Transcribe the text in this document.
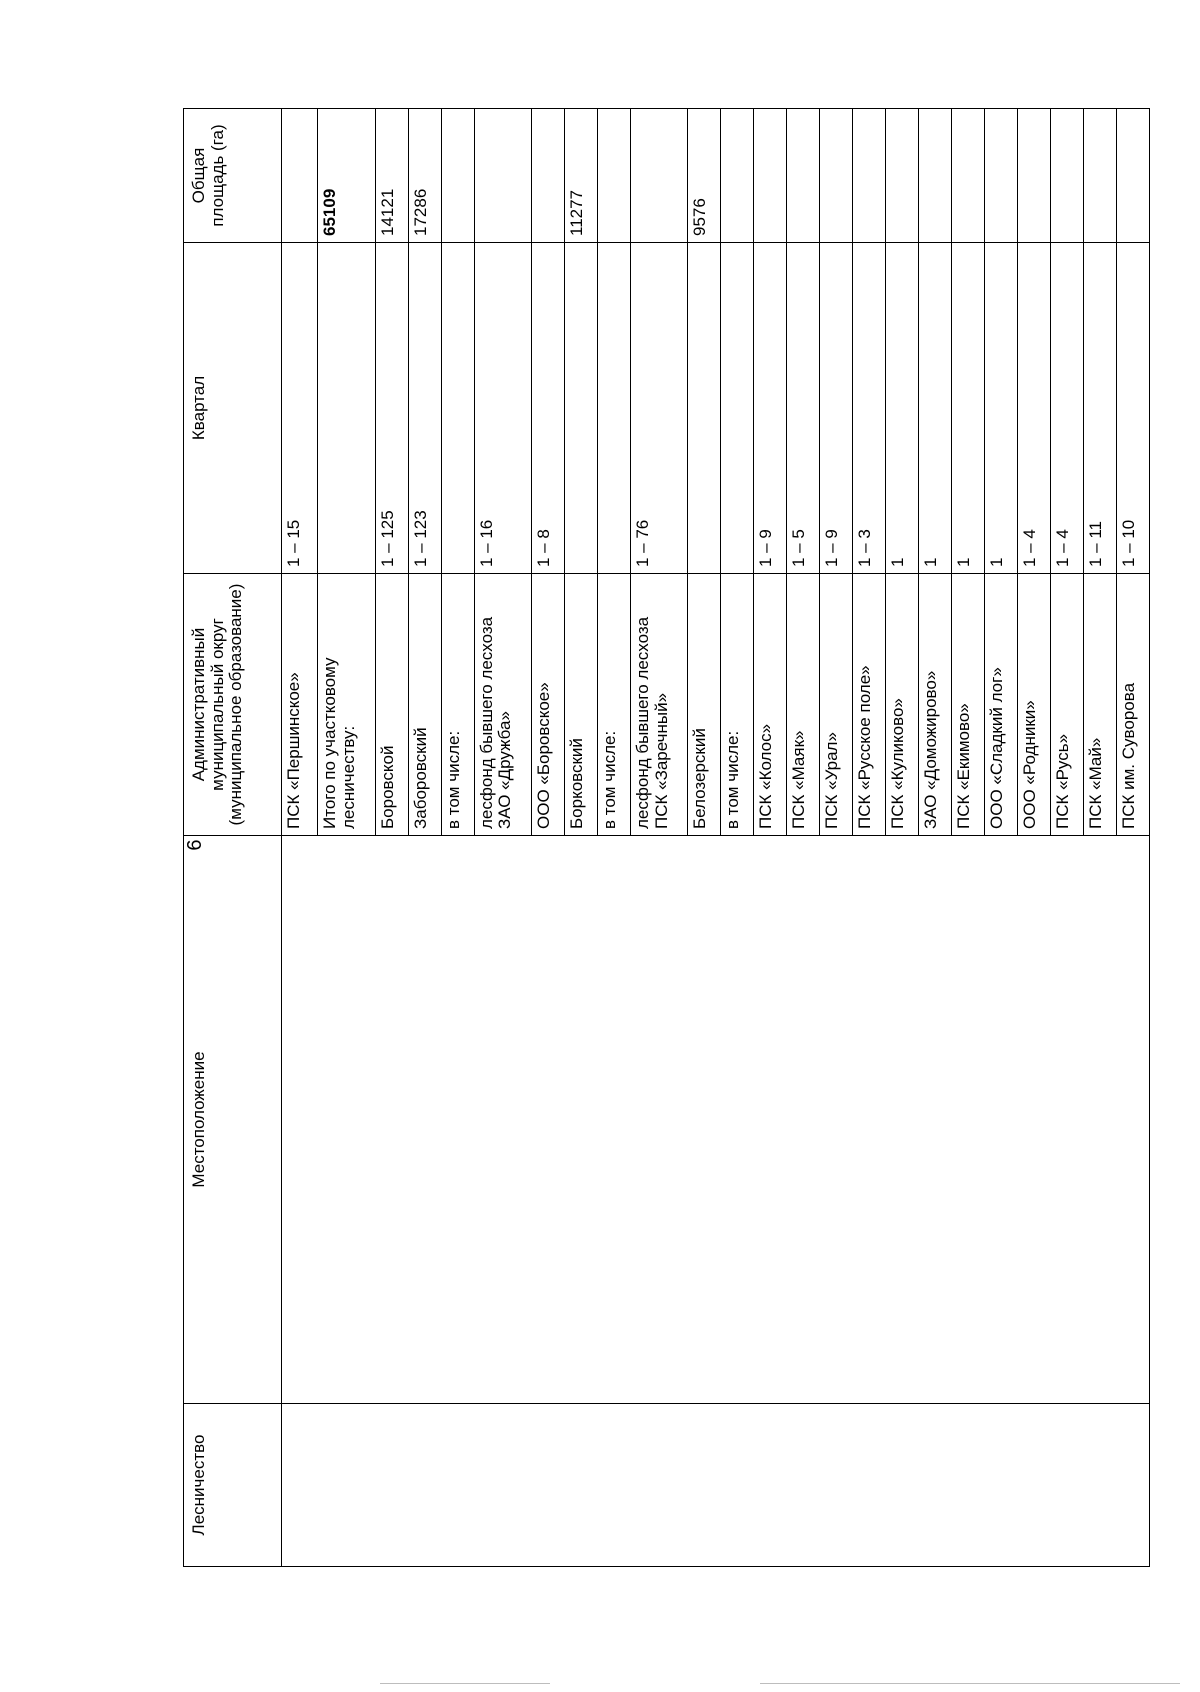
6
Лесничество	Местоположение	Административный муниципальный округ (муниципальное образование)	Квартал	Общая площадь (га)
		ПСК «Першинское»	1 – 15	
		Итого по участковому лесничеству:		65109
		Боровской	1 – 125	14121
		Заборовский	1 – 123	17286
		в том числе:		
		лесфонд бывшего лесхоза ЗАО «Дружба»	1 – 16	
		ООО «Боровское»	1 – 8	
		Борковский		11277
		в том числе:		
		лесфонд бывшего лесхоза ПСК «Заречный»	1 – 76	
		Белозерский		9576
		в том числе:		
		ПСК «Колос»	1 – 9	
		ПСК «Маяк»	1 – 5	
		ПСК «Урал»	1 – 9	
		ПСК «Русское поле»	1 – 3	
		ПСК «Куликово»	1	
		ЗАО «Доможирово»	1	
		ПСК «Екимово»	1	
		ООО «Сладкий лог»	1	
		ООО «Родники»	1 – 4	
		ПСК «Русь»	1 – 4	
		ПСК «Май»	1 – 11	
		ПСК им. Суворова	1 – 10	
